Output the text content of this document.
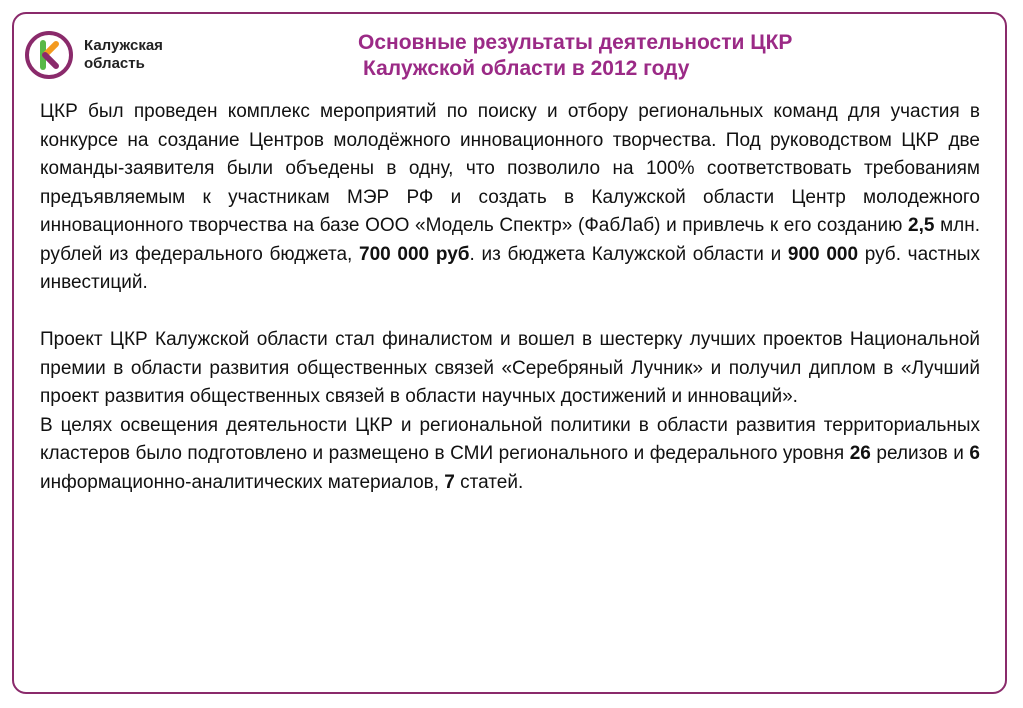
Калужская
область
Основные результаты деятельности ЦКР
Калужской области в 2012 году

ЦКР был проведен комплекс мероприятий по поиску и отбору региональных команд для участия в конкурсе на создание Центров молодёжного инновационного творчества. Под руководством ЦКР две команды-заявителя были объедены в одну, что позволило на 100% соответствовать требованиям предъявляемым к участникам МЭР РФ и создать в Калужской области Центр молодежного инновационного творчества на базе ООО «Модель Спектр» (ФабЛаб) и привлечь к его созданию 2,5 млн. рублей из федерального бюджета, 700 000 руб. из бюджета Калужской области и 900 000 руб. частных инвестиций.

Проект ЦКР Калужской области стал финалистом и вошел в шестерку лучших проектов Национальной премии в области развития общественных связей «Серебряный Лучник» и получил диплом в «Лучший проект развития общественных связей в области научных достижений и инноваций».

В целях освещения деятельности ЦКР и региональной политики в области развития территориальных кластеров было подготовлено и размещено в СМИ регионального и федерального уровня 26 релизов и 6 информационно-аналитических материалов, 7 статей.
